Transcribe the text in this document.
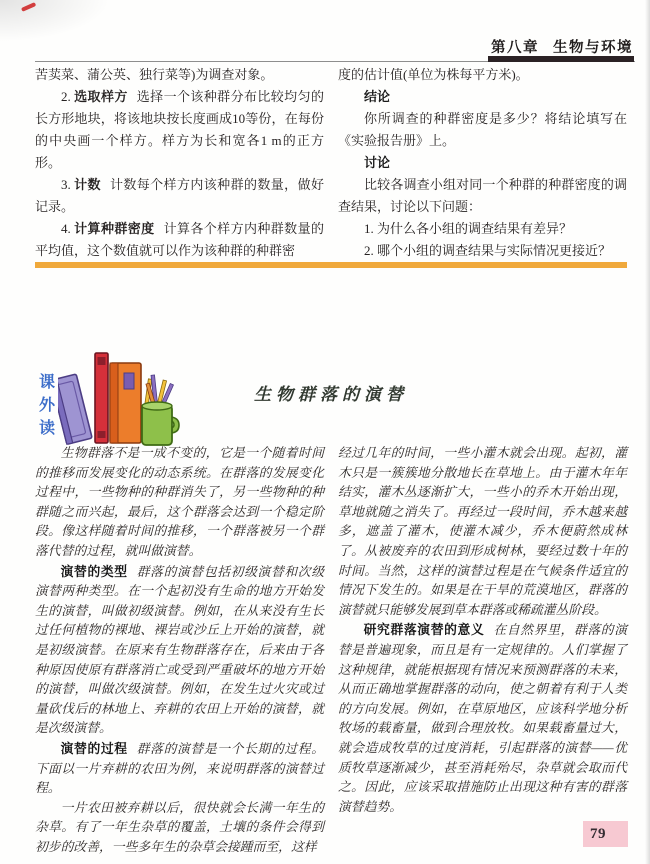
第八章 生物与环境

苦荬菜、蒲公英、独行菜等)为调查对象。

2. 选取样方 选择一个该种群分布比较均匀的长方形地块，将该地块按长度画成10等份，在每份的中央画一个样方。样方为长和宽各1 m的正方形。

3. 计数 计数每个样方内该种群的数量，做好记录。

4. 计算种群密度 计算各个样方内种群数量的平均值，这个数值就可以作为该种群的种群密

度的估计值(单位为株每平方米)。

结论

你所调查的种群密度是多少？将结论填写在《实验报告册》上。

讨论

比较各调查小组对同一个种群的种群密度的调查结果，讨论以下问题：

1. 为什么各小组的调查结果有差异？

2. 哪个小组的调查结果与实际情况更接近？

课
外
读
生物群落的演替

生物群落不是一成不变的，它是一个随着时间的推移而发展变化的动态系统。在群落的发展变化过程中，一些物种的种群消失了，另一些物种的种群随之而兴起，最后，这个群落会达到一个稳定阶段。像这样随着时间的推移，一个群落被另一个群落代替的过程，就叫做演替。

演替的类型 群落的演替包括初级演替和次级演替两种类型。在一个起初没有生命的地方开始发生的演替，叫做初级演替。例如，在从来没有生长过任何植物的裸地、裸岩或沙丘上开始的演替，就是初级演替。在原来有生物群落存在，后来由于各种原因使原有群落消亡或受到严重破坏的地方开始的演替，叫做次级演替。例如，在发生过火灾或过量砍伐后的林地上、弃耕的农田上开始的演替，就是次级演替。

演替的过程 群落的演替是一个长期的过程。下面以一片弃耕的农田为例，来说明群落的演替过程。

一片农田被弃耕以后，很快就会长满一年生的杂草。有了一年生杂草的覆盖，土壤的条件会得到初步的改善，一些多年生的杂草会接踵而至，这样

经过几年的时间，一些小灌木就会出现。起初，灌木只是一簇簇地分散地长在草地上。由于灌木年年结实，灌木丛逐渐扩大，一些小的乔木开始出现，草地就随之消失了。再经过一段时间，乔木越来越多，遮盖了灌木，使灌木减少，乔木便蔚然成林了。从被废弃的农田到形成树林，要经过数十年的时间。当然，这样的演替过程是在气候条件适宜的情况下发生的。如果是在干旱的荒漠地区，群落的演替就只能够发展到草本群落或稀疏灌丛阶段。

研究群落演替的意义 在自然界里，群落的演替是普遍现象，而且是有一定规律的。人们掌握了这种规律，就能根据现有情况来预测群落的未来，从而正确地掌握群落的动向，使之朝着有利于人类的方向发展。例如，在草原地区，应该科学地分析牧场的载畜量，做到合理放牧。如果载畜量过大，就会造成牧草的过度消耗，引起群落的演替——优质牧草逐渐减少，甚至消耗殆尽，杂草就会取而代之。因此，应该采取措施防止出现这种有害的群落演替趋势。

79
